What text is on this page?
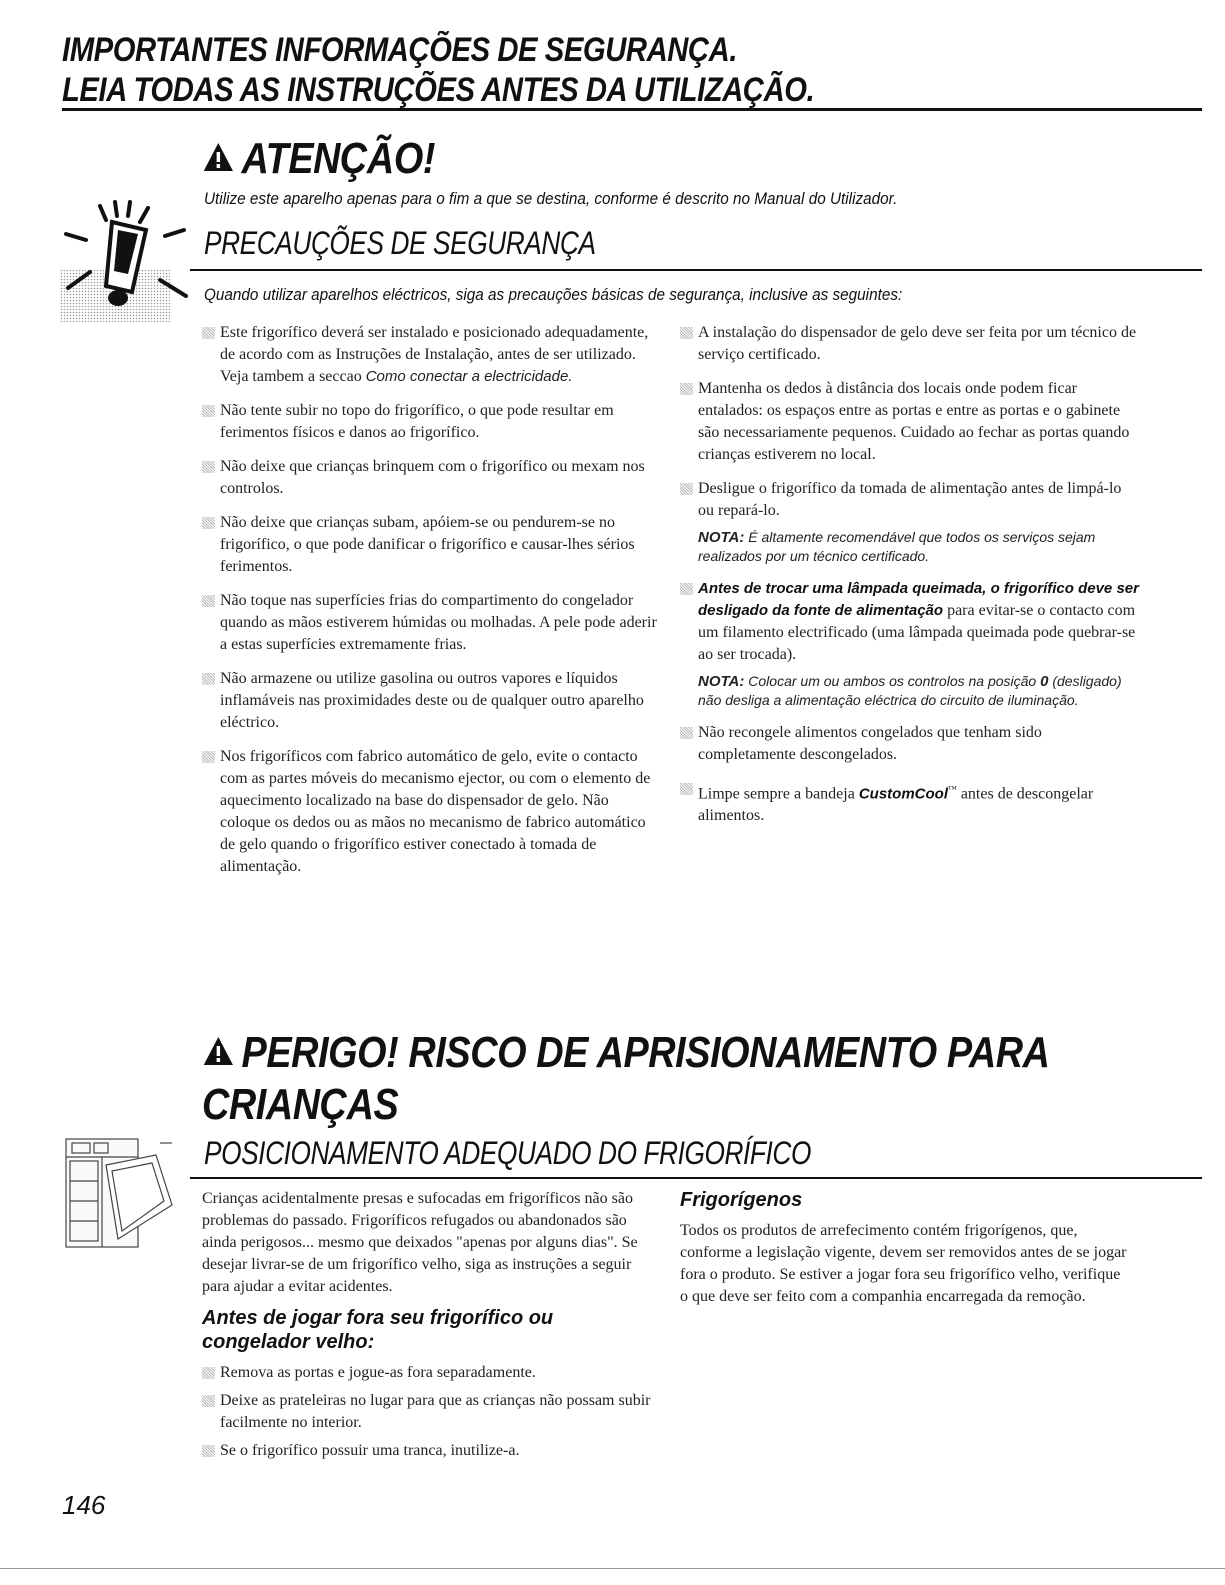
IMPORTANTES INFORMAÇÕES DE SEGURANÇA.
LEIA TODAS AS INSTRUÇÕES ANTES DA UTILIZAÇÃO.
ATENÇÃO!
Utilize este aparelho apenas para o fim a que se destina, conforme é descrito no Manual do Utilizador.
PRECAUÇÕES DE SEGURANÇA
Quando utilizar aparelhos eléctricos, siga as precauções básicas de segurança, inclusive as seguintes:
Este frigorífico deverá ser instalado e posicionado adequadamente, de acordo com as Instruções de Instalação, antes de ser utilizado. Veja tambem a seccao Como conectar a electricidade.
Não tente subir no topo do frigorífico, o que pode resultar em ferimentos físicos e danos ao frigorífico.
Não deixe que crianças brinquem com o frigorífico ou mexam nos controlos.
Não deixe que crianças subam, apóiem-se ou pendurem-se no frigorífico, o que pode danificar o frigorífico e causar-lhes sérios ferimentos.
Não toque nas superfícies frias do compartimento do congelador quando as mãos estiverem húmidas ou molhadas. A pele pode aderir a estas superfícies extremamente frias.
Não armazene ou utilize gasolina ou outros vapores e líquidos inflamáveis nas proximidades deste ou de qualquer outro aparelho eléctrico.
Nos frigoríficos com fabrico automático de gelo, evite o contacto com as partes móveis do mecanismo ejector, ou com o elemento de aquecimento localizado na base do dispensador de gelo. Não coloque os dedos ou as mãos no mecanismo de fabrico automático de gelo quando o frigorífico estiver conectado à tomada de alimentação.
A instalação do dispensador de gelo deve ser feita por um técnico de serviço certificado.
Mantenha os dedos à distância dos locais onde podem ficar entalados: os espaços entre as portas e entre as portas e o gabinete são necessariamente pequenos. Cuidado ao fechar as portas quando crianças estiverem no local.
Desligue o frigorífico da tomada de alimentação antes de limpá-lo ou repará-lo.
NOTA: É altamente recomendável que todos os serviços sejam realizados por um técnico certificado.
Antes de trocar uma lâmpada queimada, o frigorífico deve ser desligado da fonte de alimentação para evitar-se o contacto com um filamento electrificado (uma lâmpada queimada pode quebrar-se ao ser trocada).
NOTA: Colocar um ou ambos os controlos na posição 0 (desligado) não desliga a alimentação eléctrica do circuito de iluminação.
Não recongele alimentos congelados que tenham sido completamente descongelados.
Limpe sempre a bandeja CustomCool™ antes de descongelar alimentos.
PERIGO! RISCO DE APRISIONAMENTO PARA
CRIANÇAS
POSICIONAMENTO ADEQUADO DO FRIGORÍFICO
Crianças acidentalmente presas e sufocadas em frigoríficos não são problemas do passado. Frigoríficos refugados ou abandonados são ainda perigosos... mesmo que deixados "apenas por alguns dias". Se desejar livrar-se de um frigorífico velho, siga as instruções a seguir para ajudar a evitar acidentes.
Antes de jogar fora seu frigorífico ou congelador velho:
Remova as portas e jogue-as fora separadamente.
Deixe as prateleiras no lugar para que as crianças não possam subir facilmente no interior.
Se o frigorífico possuir uma tranca, inutilize-a.
Frigorígenos
Todos os produtos de arrefecimento contém frigorígenos, que, conforme a legislação vigente, devem ser removidos antes de se jogar fora o produto. Se estiver a jogar fora seu frigorífico velho, verifique o que deve ser feito com a companhia encarregada da remoção.
146
